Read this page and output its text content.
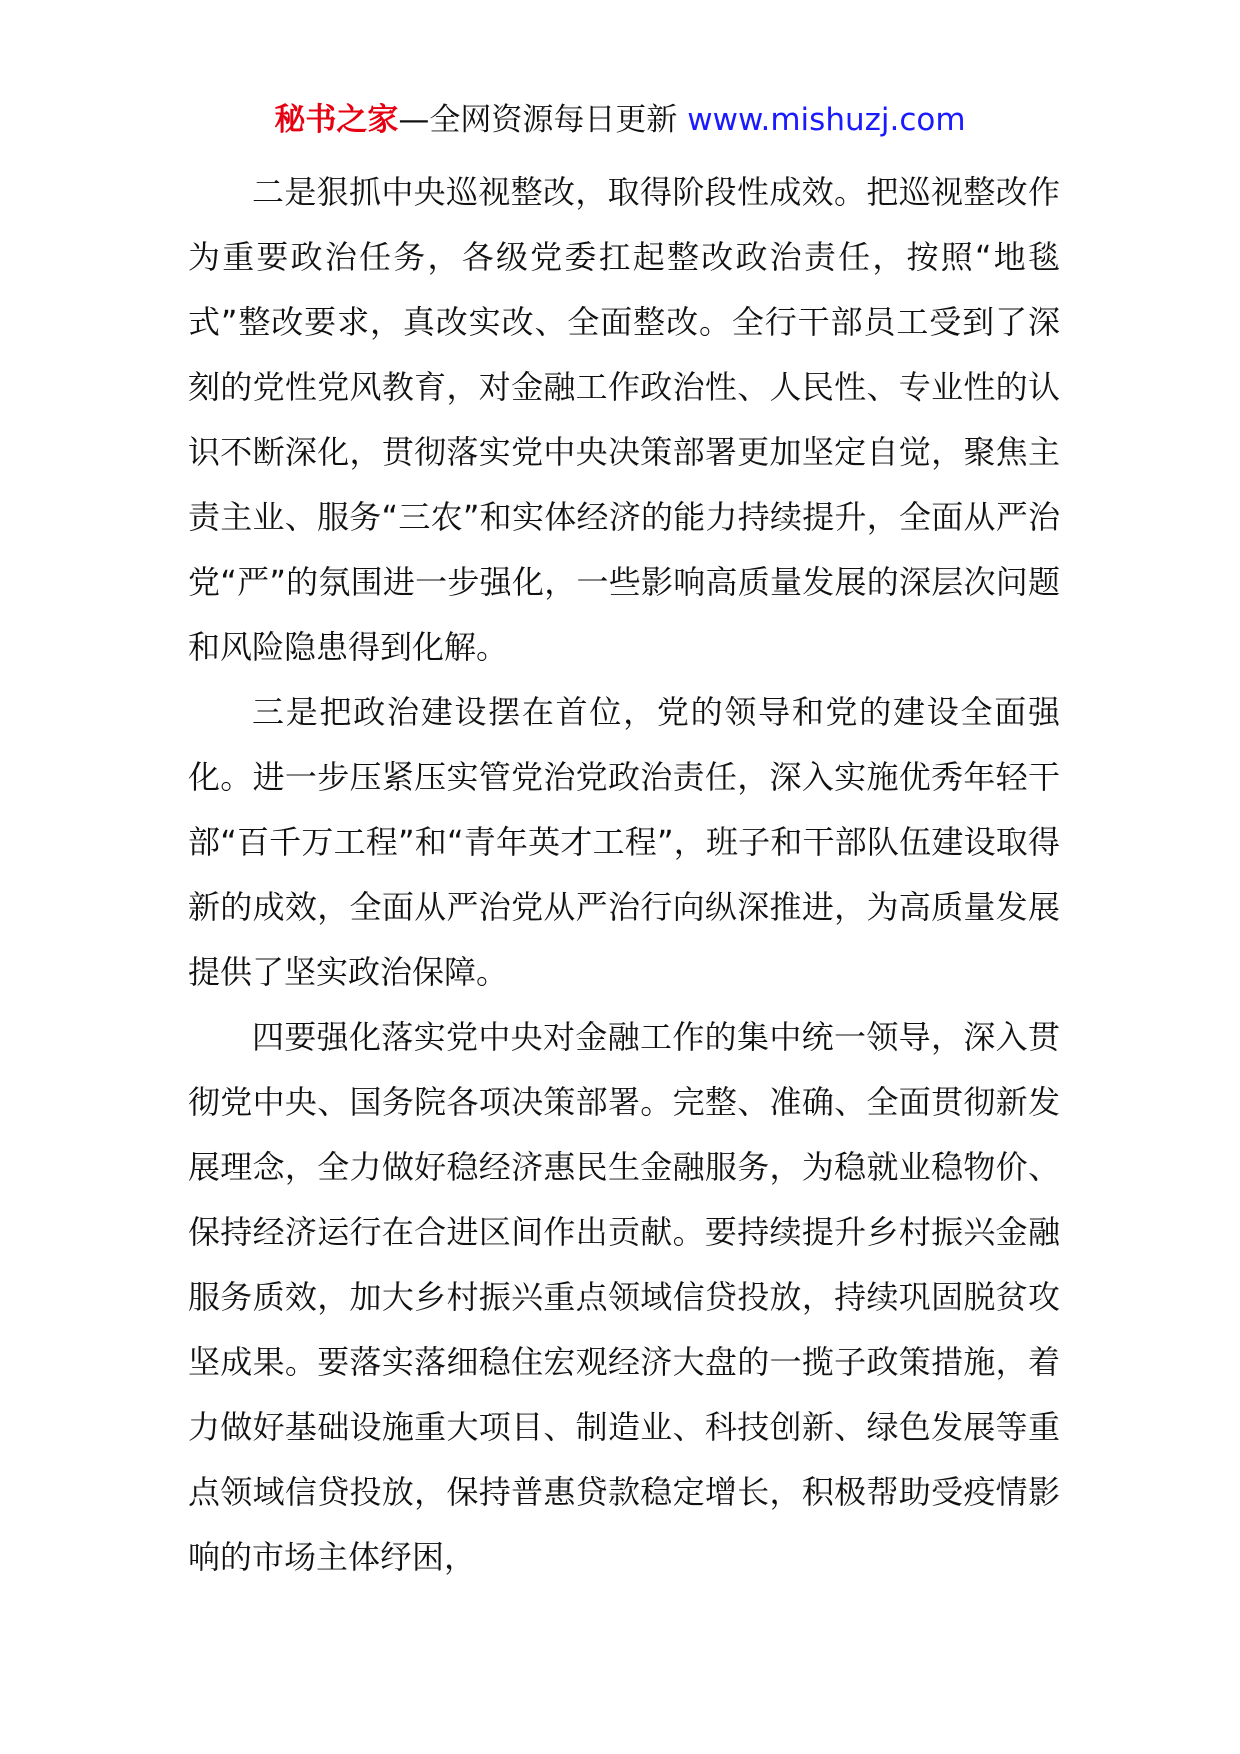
秘书之家—全网资源每日更新 www.mishuzj.com

二是狠抓中央巡视整改，取得阶段性成效。把巡视整改作为重要政治任务，各级党委扛起整改政治责任，按照“地毯式”整改要求，真改实改、全面整改。全行干部员工受到了深刻的党性党风教育，对金融工作政治性、人民性、专业性的认识不断深化，贯彻落实党中央决策部署更加坚定自觉，聚焦主责主业、服务“三农”和实体经济的能力持续提升，全面从严治党“严”的氛围进一步强化，一些影响高质量发展的深层次问题和风险隐患得到化解。

三是把政治建设摆在首位，党的领导和党的建设全面强化。进一步压紧压实管党治党政治责任，深入实施优秀年轻干部“百千万工程”和“青年英才工程”，班子和干部队伍建设取得新的成效，全面从严治党从严治行向纵深推进，为高质量发展提供了坚实政治保障。

四要强化落实党中央对金融工作的集中统一领导，深入贯彻党中央、国务院各项决策部署。完整、准确、全面贯彻新发展理念，全力做好稳经济惠民生金融服务，为稳就业稳物价、保持经济运行在合进区间作出贡献。要持续提升乡村振兴金融服务质效，加大乡村振兴重点领域信贷投放，持续巩固脱贫攻坚成果。要落实落细稳住宏观经济大盘的一揽子政策措施，着力做好基础设施重大项目、制造业、科技创新、绿色发展等重点领域信贷投放，保持普惠贷款稳定增长，积极帮助受疫情影响的市场主体纾困，
